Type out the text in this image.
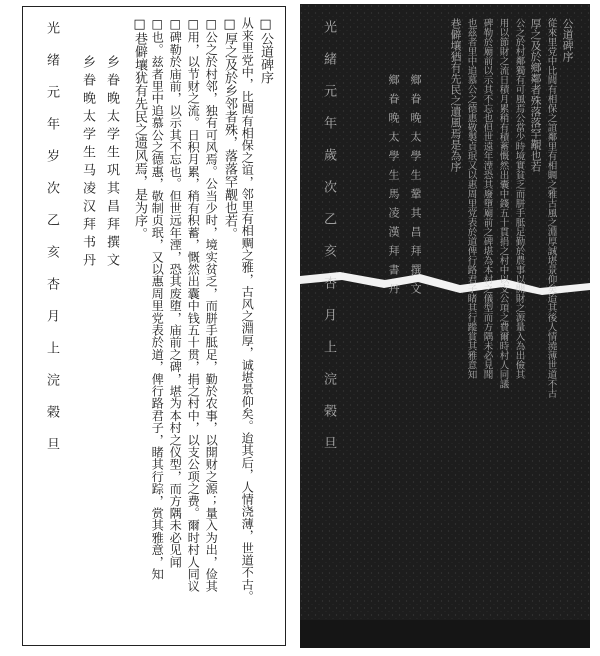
□公道碑序
从来里党中，比閭有相保之谊，邻里有相赒之雅，古风之淵厚，诚堪景仰矣。迨其后，人情浇薄，世道不古。
□厚之及於乡邻者殊，落落罕觏也若。
□公之於村邻，独有可风焉。公当少时，境实贫乏，而胼手胝足，勤於农事，以開财之源；量入为出，俭其
□用，以节财之流。日积月累，稍有积蓄，慨然出囊中钱五十贯，捐之村中，以支公项之费。爾时村人同议
□碑勒於庙前，以示其不忘也。但世远年湮，恐其废堕，庙前之碑，堪为本村之仪型，而方隅未必见闻
□也。兹者里中追慕公之德惠，敬制贞珉，又以惠周里党表於道，俾行路君子，睹其行踪，赏其雅意，知
□巷僻壤犹有先民之遗风焉，是为序。
乡眷晚太学生巩其昌拜撰文
乡眷晚太学生马凌汉拜书丹
光绪元年岁次乙亥杏月上浣榖旦	公道碑序
從來里党中比閭有相保之誼鄰里有相賙之雅古風之淵厚誠堪景仰矣迨其後人情澆薄世道不古
厚之及於鄉鄰者殊落落罕覯也若
公之於村鄰獨有可風焉公當少時境實貧乏而胼手胝足勤於農事以開財之源量入為出儉其
用以節財之流日積月累稍有積蓄慨然出囊中錢五十貫捐之村中以支公項之費爾時村人同議
碑勒於廟前以示其不忘也但世遠年湮恐其廢墮廟前之碑堪為本村之儀型而方隅未必見聞
也茲者里中追慕公之德惠敬製貞珉又以惠周里党表於道俾行路君子睹其行蹤賞其雅意知
巷僻壤猶有先民之遺風焉是為序
鄉眷晚太學生鞏其昌拜撰文
鄉眷晚太學生馬凌漢拜書丹
光緒元年歲次乙亥杏月上浣榖旦
